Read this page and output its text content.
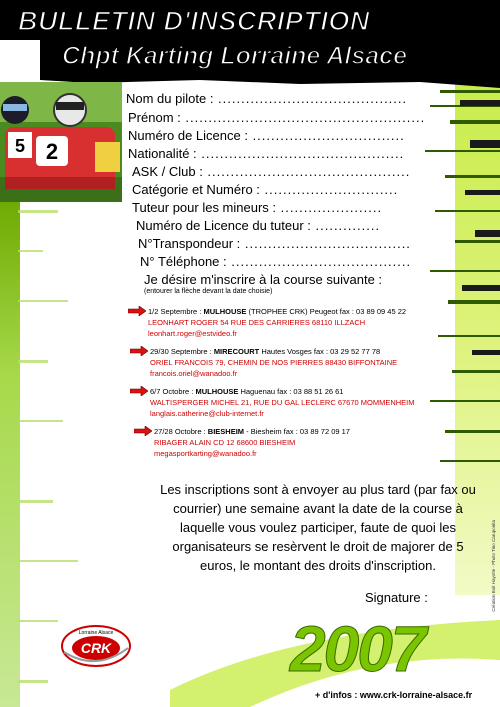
BULLETIN D'INSCRIPTION
Chpt Karting Lorraine Alsace
5 2
Nom du pilote : .........................................
Prénom : ....................................................
Numéro de Licence : .................................
Nationalité : ............................................
ASK / Club : ............................................
Catégorie et Numéro : .............................
Tuteur pour les mineurs : ......................
Numéro de Licence du tuteur : ..............
N°Transpondeur : ....................................
N° Téléphone : .......................................
Je désire m'inscrire à la course suivante :
(entourer la flèche devant la date choisie)
1/2 Septembre : MULHOUSE (TROPHEE CRK) Peugeot fax : 03 89 09 45 22
LEONHART ROGER 54 RUE DES CARRIERES 68110 ILLZACH
leonhart.roger@estvideo.fr
29/30 Septembre : MIRECOURT Hautes Vosges fax : 03 29 52 77 78
ORIEL FRANCOIS 79, CHEMIN DE NOS PIERRES 88430 BIFFONTAINE
francois.oriel@wanadoo.fr
6/7 Octobre : MULHOUSE Haguenau fax : 03 88 51 26 61
WALTISPERGER MICHEL 21, RUE DU GAL LECLERC 67670 MOMMENHEIM
langlais.catherine@club-internet.fr
27/28 Octobre : BIESHEIM - Biesheim fax : 03 89 72 09 17
RIBAGER ALAIN CD 12 68600 BIESHEIM
megasportkarting@wanadoo.fr
Les inscriptions sont à envoyer au plus tard (par fax ou courrier) une semaine avant la date de la course à laquelle vous voulez participer, faute de quoi les organisateurs se resèrvent le droit de majorer de 5 euros, le montant des droits d'inscription.
Signature :
Lorraine Alsace
CRK	2007
+ d'infos : www.crk-lorraine-alsace.fr
Création Boit Hayotte - Photo Tino Caruponita
